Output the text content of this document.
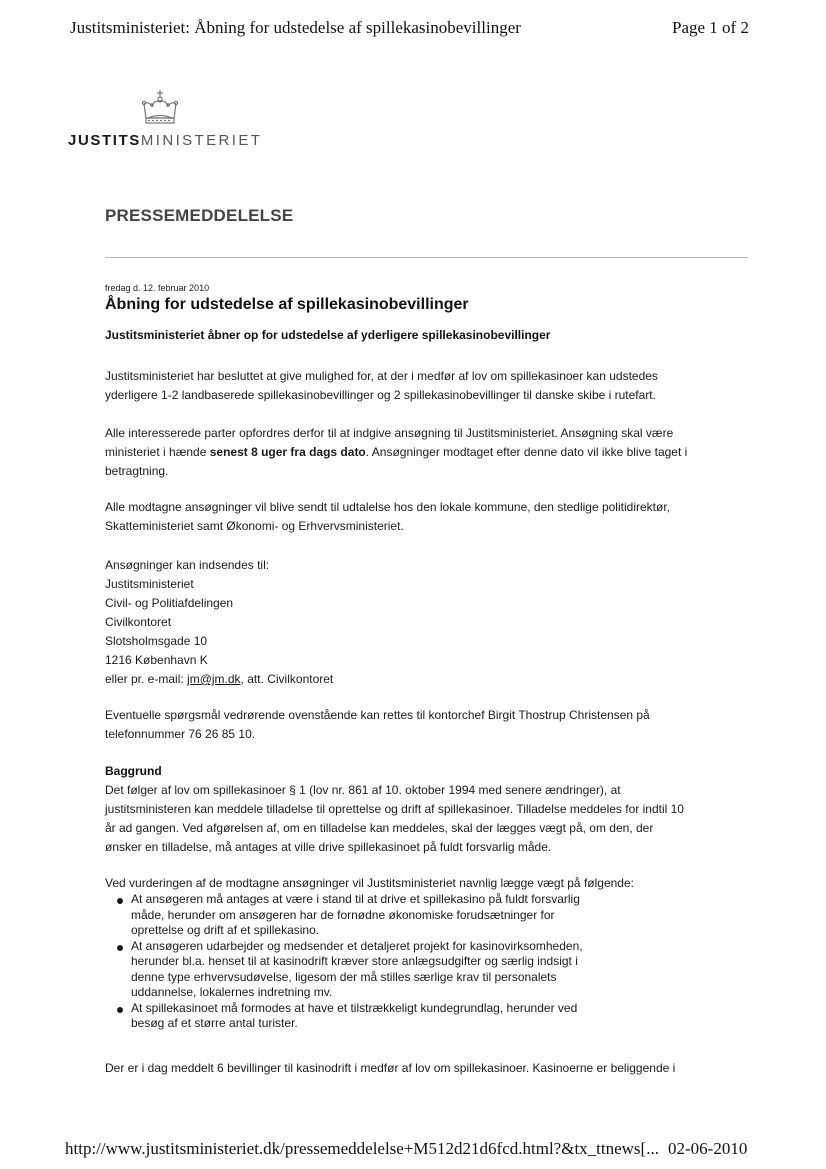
Justitsministeriet: Åbning for udstedelse af spillekasinobevillinger	Page 1 of 2
JUSTITSMINISTERIET
PRESSEMEDDELELSE
fredag d. 12. februar 2010
Åbning for udstedelse af spillekasinobevillinger
Justitsministeriet åbner op for udstedelse af yderligere spillekasinobevillinger
Justitsministeriet har besluttet at give mulighed for, at der i medfør af lov om spillekasinoer kan udstedes
yderligere 1-2 landbaserede spillekasinobevillinger og 2 spillekasinobevillinger til danske skibe i rutefart.
Alle interesserede parter opfordres derfor til at indgive ansøgning til Justitsministeriet. Ansøgning skal være
ministeriet i hænde senest 8 uger fra dags dato. Ansøgninger modtaget efter denne dato vil ikke blive taget i
betragtning.
Alle modtagne ansøgninger vil blive sendt til udtalelse hos den lokale kommune, den stedlige politidirektør,
Skatteministeriet samt Økonomi- og Erhvervsministeriet.
Ansøgninger kan indsendes til:
Justitsministeriet
Civil- og Politiafdelingen
Civilkontoret
Slotsholmsgade 10
1216 København K
eller pr. e-mail: jm@jm.dk, att. Civilkontoret
Eventuelle spørgsmål vedrørende ovenstående kan rettes til kontorchef Birgit Thostrup Christensen på
telefonnummer 76 26 85 10.
Baggrund
Det følger af lov om spillekasinoer § 1 (lov nr. 861 af 10. oktober 1994 med senere ændringer), at
justitsministeren kan meddele tilladelse til oprettelse og drift af spillekasinoer. Tilladelse meddeles for indtil 10
år ad gangen. Ved afgørelsen af, om en tilladelse kan meddeles, skal der lægges vægt på, om den, der
ønsker en tilladelse, må antages at ville drive spillekasinoet på fuldt forsvarlig måde.
Ved vurderingen af de modtagne ansøgninger vil Justitsministeriet navnlig lægge vægt på følgende:
At ansøgeren må antages at være i stand til at drive et spillekasino på fuldt forsvarlig
måde, herunder om ansøgeren har de fornødne økonomiske forudsætninger for
oprettelse og drift af et spillekasino.
At ansøgeren udarbejder og medsender et detaljeret projekt for kasinovirksomheden,
herunder bl.a. henset til at kasinodrift kræver store anlægsudgifter og særlig indsigt i
denne type erhvervsudøvelse, ligesom der må stilles særlige krav til personalets
uddannelse, lokalernes indretning mv.
At spillekasinoet må formodes at have et tilstrækkeligt kundegrundlag, herunder ved
besøg af et større antal turister.
Der er i dag meddelt 6 bevillinger til kasinodrift i medfør af lov om spillekasinoer. Kasinoerne er beliggende i
http://www.justitsministeriet.dk/pressemeddelelse+M512d21d6fcd.html?&tx_ttnews[... 02-06-2010
